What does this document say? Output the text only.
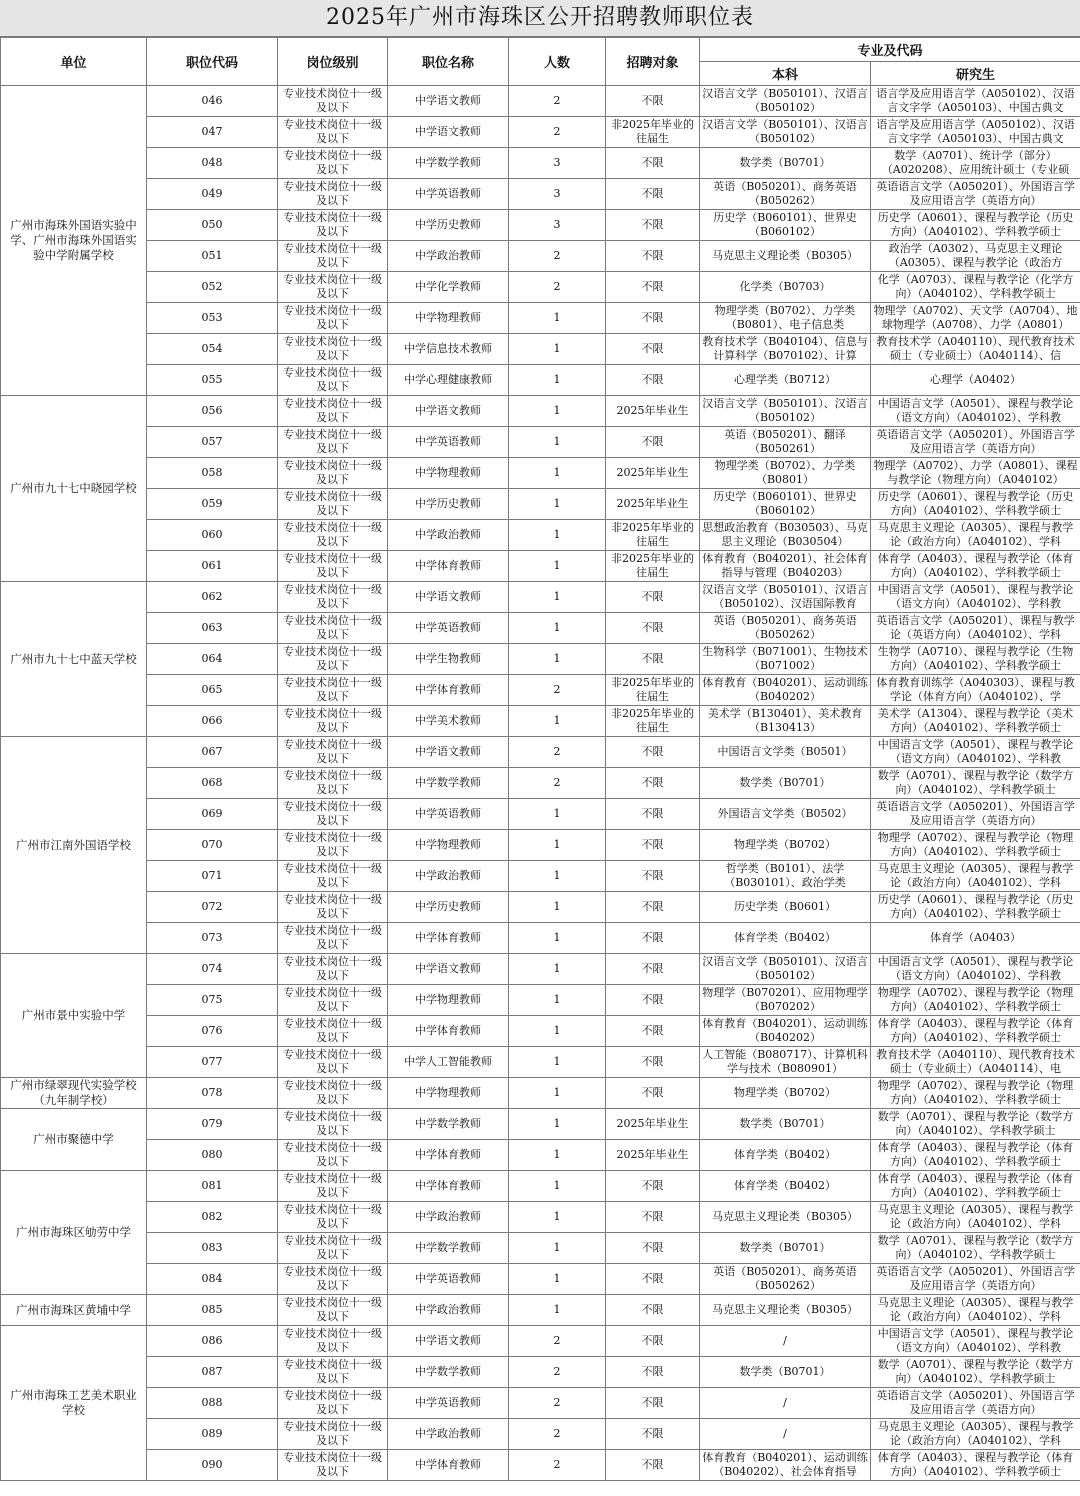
2025年广州市海珠区公开招聘教师职位表
单位	职位代码	岗位级别	职位名称	人数	招聘对象	专业及代码	
						本科	研究生
广州市海珠外国语实验中学、广州市海珠外国语实验中学附属学校	046	专业技术岗位十一级及以下	中学语文教师	2	不限	汉语言文学（B050101）、汉语言（B050102）	语言学及应用语言学（A050102）、汉语言文字学（A050103）、中国古典文

	047	专业技术岗位十一级及以下	中学语文教师	2	非2025年毕业的往届生	汉语言文学（B050101）、汉语言（B050102）	语言学及应用语言学（A050102）、汉语言文字学（A050103）、中国古典文

	048	专业技术岗位十一级及以下	中学数学教师	3	不限	数学类（B0701）	数学（A0701）、统计学（部分）（A020208）、应用统计硕士（专业硕

	049	专业技术岗位十一级及以下	中学英语教师	3	不限	英语（B050201）、商务英语（B050262）	英语语言文学（A050201）、外国语言学及应用语言学（英语方向）

	050	专业技术岗位十一级及以下	中学历史教师	3	不限	历史学（B060101）、世界史（B060102）	历史学（A0601）、课程与教学论（历史方向）（A040102）、学科教学硕士

	051	专业技术岗位十一级及以下	中学政治教师	2	不限	马克思主义理论类（B0305）	政治学（A0302）、马克思主义理论（A0305）、课程与教学论（政治方

	052	专业技术岗位十一级及以下	中学化学教师	2	不限	化学类（B0703）	化学（A0703）、课程与教学论（化学方向）（A040102）、学科教学硕士

	053	专业技术岗位十一级及以下	中学物理教师	1	不限	物理学类（B0702）、力学类（B0801）、电子信息类	物理学（A0702）、天文学（A0704）、地球物理学（A0708）、力学（A0801）

	054	专业技术岗位十一级及以下	中学信息技术教师	1	不限	教育技术学（B040104）、信息与计算科学（B070102）、计算	教育技术学（A040110）、现代教育技术硕士（专业硕士）（A040114）、信

	055	专业技术岗位十一级及以下	中学心理健康教师	1	不限	心理学类（B0712）	心理学（A0402）

广州市九十七中晓园学校	056	专业技术岗位十一级及以下	中学语文教师	1	2025年毕业生	汉语言文学（B050101）、汉语言（B050102）	中国语言文学（A0501）、课程与教学论（语文方向）（A040102）、学科教

	057	专业技术岗位十一级及以下	中学英语教师	1	不限	英语（B050201）、翻译（B050261）	英语语言文学（A050201）、外国语言学及应用语言学（英语方向）

	058	专业技术岗位十一级及以下	中学物理教师	1	2025年毕业生	物理学类（B0702）、力学类（B0801）	物理学（A0702）、力学（A0801）、课程与教学论（物理方向）（A040102）

	059	专业技术岗位十一级及以下	中学历史教师	1	2025年毕业生	历史学（B060101）、世界史（B060102）	历史学（A0601）、课程与教学论（历史方向）（A040102）、学科教学硕士

	060	专业技术岗位十一级及以下	中学政治教师	1	非2025年毕业的往届生	思想政治教育（B030503）、马克思主义理论（B030504）	马克思主义理论（A0305）、课程与教学论（政治方向）（A040102）、学科

	061	专业技术岗位十一级及以下	中学体育教师	1	非2025年毕业的往届生	体育教育（B040201）、社会体育指导与管理（B040203）	体育学（A0403）、课程与教学论（体育方向）（A040102）、学科教学硕士

广州市九十七中蓝天学校	062	专业技术岗位十一级及以下	中学语文教师	1	不限	汉语言文学（B050101）、汉语言（B050102）、汉语国际教育	中国语言文学（A0501）、课程与教学论（语文方向）（A040102）、学科教

	063	专业技术岗位十一级及以下	中学英语教师	1	不限	英语（B050201）、商务英语（B050262）	英语语言文学（A050201）、课程与教学论（英语方向）（A040102）、学科

	064	专业技术岗位十一级及以下	中学生物教师	1	不限	生物科学（B071001）、生物技术（B071002）	生物学（A0710）、课程与教学论（生物方向）（A040102）、学科教学硕士

	065	专业技术岗位十一级及以下	中学体育教师	2	非2025年毕业的往届生	体育教育（B040201）、运动训练（B040202）	体育教育训练学（A040303）、课程与教学论（体育方向）（A040102）、学

	066	专业技术岗位十一级及以下	中学美术教师	1	非2025年毕业的往届生	美术学（B130401）、美术教育（B130413）	美术学（A1304）、课程与教学论（美术方向）（A040102）、学科教学硕士

广州市江南外国语学校	067	专业技术岗位十一级及以下	中学语文教师	2	不限	中国语言文学类（B0501）	中国语言文学（A0501）、课程与教学论（语文方向）（A040102）、学科教

	068	专业技术岗位十一级及以下	中学数学教师	2	不限	数学类（B0701）	数学（A0701）、课程与教学论（数学方向）（A040102）、学科教学硕士

	069	专业技术岗位十一级及以下	中学英语教师	1	不限	外国语言文学类（B0502）	英语语言文学（A050201）、外国语言学及应用语言学（英语方向）

	070	专业技术岗位十一级及以下	中学物理教师	1	不限	物理学类（B0702）	物理学（A0702）、课程与教学论（物理方向）（A040102）、学科教学硕士

	071	专业技术岗位十一级及以下	中学政治教师	1	不限	哲学类（B0101）、法学（B030101）、政治学类	马克思主义理论（A0305）、课程与教学论（政治方向）（A040102）、学科

	072	专业技术岗位十一级及以下	中学历史教师	1	不限	历史学类（B0601）	历史学（A0601）、课程与教学论（历史方向）（A040102）、学科教学硕士

	073	专业技术岗位十一级及以下	中学体育教师	1	不限	体育学类（B0402）	体育学（A0403）

广州市景中实验中学	074	专业技术岗位十一级及以下	中学语文教师	1	不限	汉语言文学（B050101）、汉语言（B050102）	中国语言文学（A0501）、课程与教学论（语文方向）（A040102）、学科教

	075	专业技术岗位十一级及以下	中学物理教师	1	不限	物理学（B070201）、应用物理学（B070202）	物理学（A0702）、课程与教学论（物理方向）（A040102）、学科教学硕士

	076	专业技术岗位十一级及以下	中学体育教师	1	不限	体育教育（B040201）、运动训练（B040202）	体育学（A0403）、课程与教学论（体育方向）（A040102）、学科教学硕士

	077	专业技术岗位十一级及以下	中学人工智能教师	1	不限	人工智能（B080717）、计算机科学与技术（B080901）	教育技术学（A040110）、现代教育技术硕士（专业硕士）（A040114）、电

广州市绿翠现代实验学校（九年制学校）	078	专业技术岗位十一级及以下	中学物理教师	1	不限	物理学类（B0702）	物理学（A0702）、课程与教学论（物理方向）（A040102）、学科教学硕士

广州市聚德中学	079	专业技术岗位十一级及以下	中学数学教师	1	2025年毕业生	数学类（B0701）	数学（A0701）、课程与教学论（数学方向）（A040102）、学科教学硕士

	080	专业技术岗位十一级及以下	中学体育教师	1	2025年毕业生	体育学类（B0402）	体育学（A0403）、课程与教学论（体育方向）（A040102）、学科教学硕士

广州市海珠区劬劳中学	081	专业技术岗位十一级及以下	中学体育教师	1	不限	体育学类（B0402）	体育学（A0403）、课程与教学论（体育方向）（A040102）、学科教学硕士

	082	专业技术岗位十一级及以下	中学政治教师	1	不限	马克思主义理论类（B0305）	马克思主义理论（A0305）、课程与教学论（政治方向）（A040102）、学科

	083	专业技术岗位十一级及以下	中学数学教师	1	不限	数学类（B0701）	数学（A0701）、课程与教学论（数学方向）（A040102）、学科教学硕士

	084	专业技术岗位十一级及以下	中学英语教师	1	不限	英语（B050201）、商务英语（B050262）	英语语言文学（A050201）、外国语言学及应用语言学（英语方向）

广州市海珠区黄埔中学	085	专业技术岗位十一级及以下	中学政治教师	1	不限	马克思主义理论类（B0305）	马克思主义理论（A0305）、课程与教学论（政治方向）（A040102）、学科

广州市海珠工艺美术职业学校	086	专业技术岗位十一级及以下	中学语文教师	2	不限	/	中国语言文学（A0501）、课程与教学论（语文方向）（A040102）、学科教

	087	专业技术岗位十一级及以下	中学数学教师	2	不限	数学类（B0701）	数学（A0701）、课程与教学论（数学方向）（A040102）、学科教学硕士

	088	专业技术岗位十一级及以下	中学英语教师	2	不限	/	英语语言文学（A050201）、外国语言学及应用语言学（英语方向）

	089	专业技术岗位十一级及以下	中学政治教师	2	不限	/	马克思主义理论（A0305）、课程与教学论（政治方向）（A040102）、学科

	090	专业技术岗位十一级及以下	中学体育教师	2	不限	体育教育（B040201）、运动训练（B040202）、社会体育指导	体育学（A0403）、课程与教学论（体育方向）（A040102）、学科教学硕士
